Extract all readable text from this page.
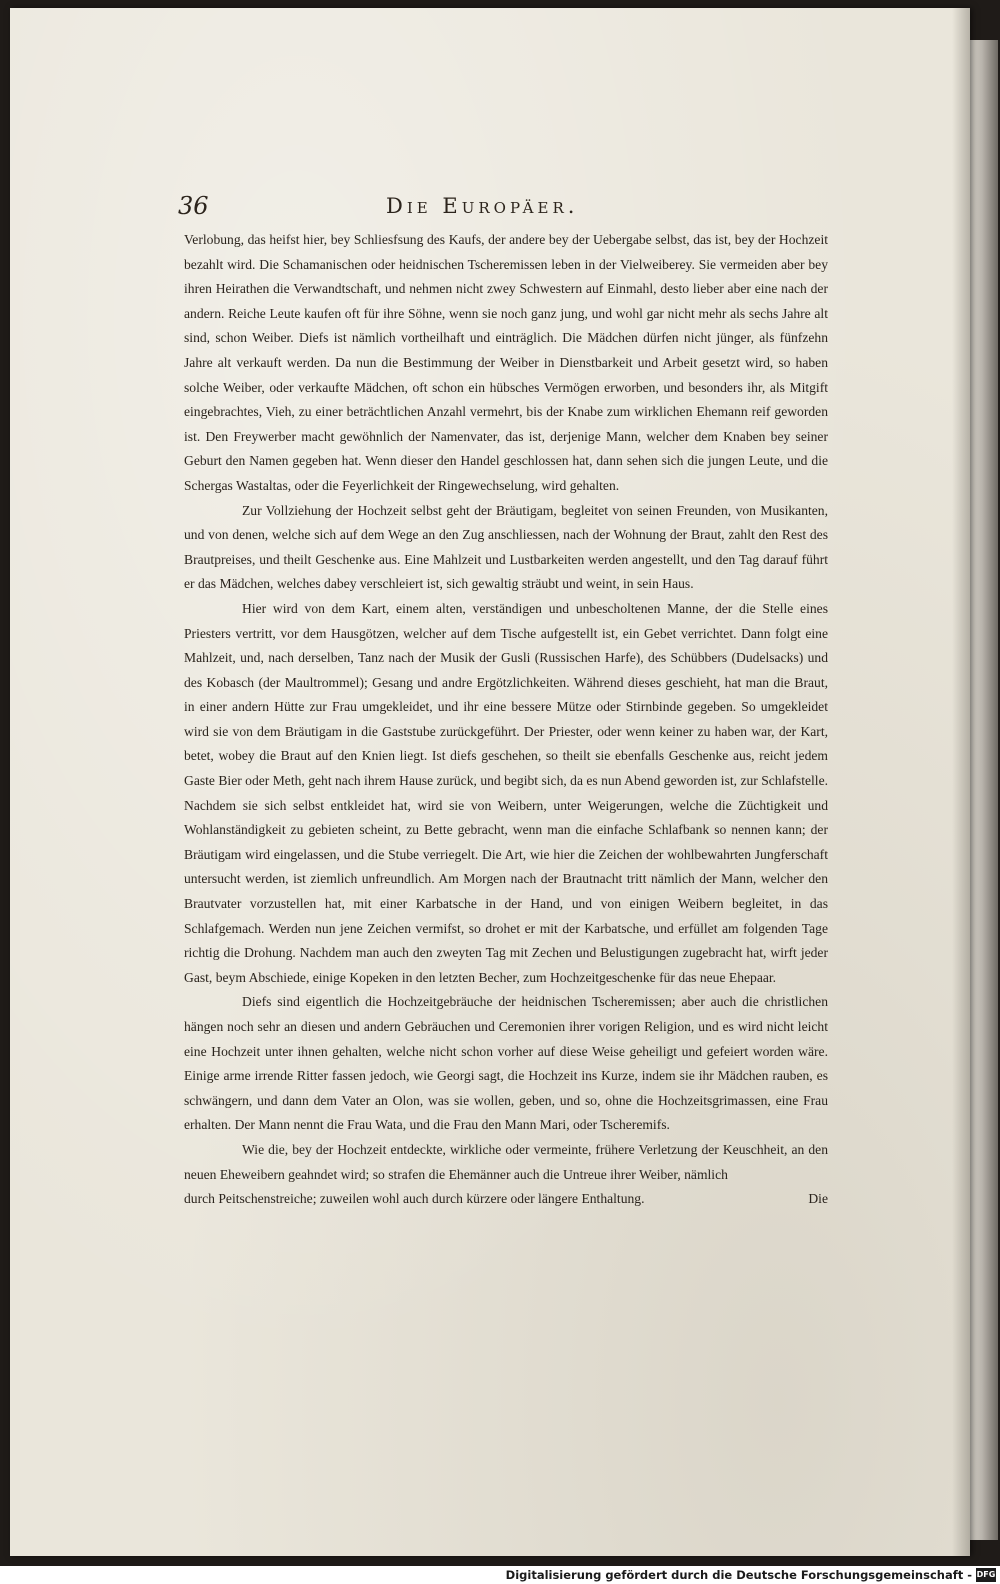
36	Die Europäer.

Verlobung, das heifst hier, bey Schliesfsung des Kaufs, der andere bey der Uebergabe selbst, das ist, bey der Hochzeit bezahlt wird. Die Schamanischen oder heidnischen Tscheremissen leben in der Vielweiberey. Sie vermeiden aber bey ihren Heirathen die Verwandtschaft, und nehmen nicht zwey Schwestern auf Einmahl, desto lieber aber eine nach der andern. Reiche Leute kaufen oft für ihre Söhne, wenn sie noch ganz jung, und wohl gar nicht mehr als sechs Jahre alt sind, schon Weiber. Diefs ist nämlich vortheilhaft und einträglich. Die Mädchen dürfen nicht jünger, als fünfzehn Jahre alt verkauft werden. Da nun die Bestimmung der Weiber in Dienstbarkeit und Arbeit gesetzt wird, so haben solche Weiber, oder verkaufte Mädchen, oft schon ein hübsches Vermögen erworben, und besonders ihr, als Mitgift eingebrachtes, Vieh, zu einer beträchtlichen Anzahl vermehrt, bis der Knabe zum wirklichen Ehemann reif geworden ist. Den Freywerber macht gewöhnlich der Namenvater, das ist, derjenige Mann, welcher dem Knaben bey seiner Geburt den Namen gegeben hat. Wenn dieser den Handel geschlossen hat, dann sehen sich die jungen Leute, und die Schergas Wastaltas, oder die Feyerlichkeit der Ringewechselung, wird gehalten.

Zur Vollziehung der Hochzeit selbst geht der Bräutigam, begleitet von seinen Freunden, von Musikanten, und von denen, welche sich auf dem Wege an den Zug anschliessen, nach der Wohnung der Braut, zahlt den Rest des Brautpreises, und theilt Geschenke aus. Eine Mahlzeit und Lustbarkeiten werden angestellt, und den Tag darauf führt er das Mädchen, welches dabey verschleiert ist, sich gewaltig sträubt und weint, in sein Haus.

Hier wird von dem Kart, einem alten, verständigen und unbescholtenen Manne, der die Stelle eines Priesters vertritt, vor dem Hausgötzen, welcher auf dem Tische aufgestellt ist, ein Gebet verrichtet. Dann folgt eine Mahlzeit, und, nach derselben, Tanz nach der Musik der Gusli (Russischen Harfe), des Schübbers (Dudelsacks) und des Kobasch (der Maultrommel); Gesang und andre Ergötzlichkeiten. Während dieses geschieht, hat man die Braut, in einer andern Hütte zur Frau umgekleidet, und ihr eine bessere Mütze oder Stirnbinde gegeben. So umgekleidet wird sie von dem Bräutigam in die Gaststube zurückgeführt. Der Priester, oder wenn keiner zu haben war, der Kart, betet, wobey die Braut auf den Knien liegt. Ist diefs geschehen, so theilt sie ebenfalls Geschenke aus, reicht jedem Gaste Bier oder Meth, geht nach ihrem Hause zurück, und begibt sich, da es nun Abend geworden ist, zur Schlafstelle. Nachdem sie sich selbst entkleidet hat, wird sie von Weibern, unter Weigerungen, welche die Züchtigkeit und Wohlanständigkeit zu gebieten scheint, zu Bette gebracht, wenn man die einfache Schlafbank so nennen kann; der Bräutigam wird eingelassen, und die Stube verriegelt. Die Art, wie hier die Zeichen der wohlbewahrten Jungferschaft untersucht werden, ist ziemlich unfreundlich. Am Morgen nach der Brautnacht tritt nämlich der Mann, welcher den Brautvater vorzustellen hat, mit einer Karbatsche in der Hand, und von einigen Weibern begleitet, in das Schlafgemach. Werden nun jene Zeichen vermifst, so drohet er mit der Karbatsche, und erfüllet am folgenden Tage richtig die Drohung. Nachdem man auch den zweyten Tag mit Zechen und Belustigungen zugebracht hat, wirft jeder Gast, beym Abschiede, einige Kopeken in den letzten Becher, zum Hochzeitgeschenke für das neue Ehepaar.

Diefs sind eigentlich die Hochzeitgebräuche der heidnischen Tscheremissen; aber auch die christlichen hängen noch sehr an diesen und andern Gebräuchen und Ceremonien ihrer vorigen Religion, und es wird nicht leicht eine Hochzeit unter ihnen gehalten, welche nicht schon vorher auf diese Weise geheiligt und gefeiert worden wäre. Einige arme irrende Ritter fassen jedoch, wie Georgi sagt, die Hochzeit ins Kurze, indem sie ihr Mädchen rauben, es schwängern, und dann dem Vater an Olon, was sie wollen, geben, und so, ohne die Hochzeitsgrimassen, eine Frau erhalten. Der Mann nennt die Frau Wata, und die Frau den Mann Mari, oder Tscheremifs.

Wie die, bey der Hochzeit entdeckte, wirkliche oder vermeinte, frühere Verletzung der Keuschheit, an den neuen Eheweibern geahndet wird; so strafen die Ehemänner auch die Untreue ihrer Weiber, nämlich

durch Peitschenstreiche; zuweilen wohl auch durch kürzere oder längere Enthaltung.	Die
Digitalisierung gefördert durch die Deutsche Forschungsgemeinschaft - DFG
